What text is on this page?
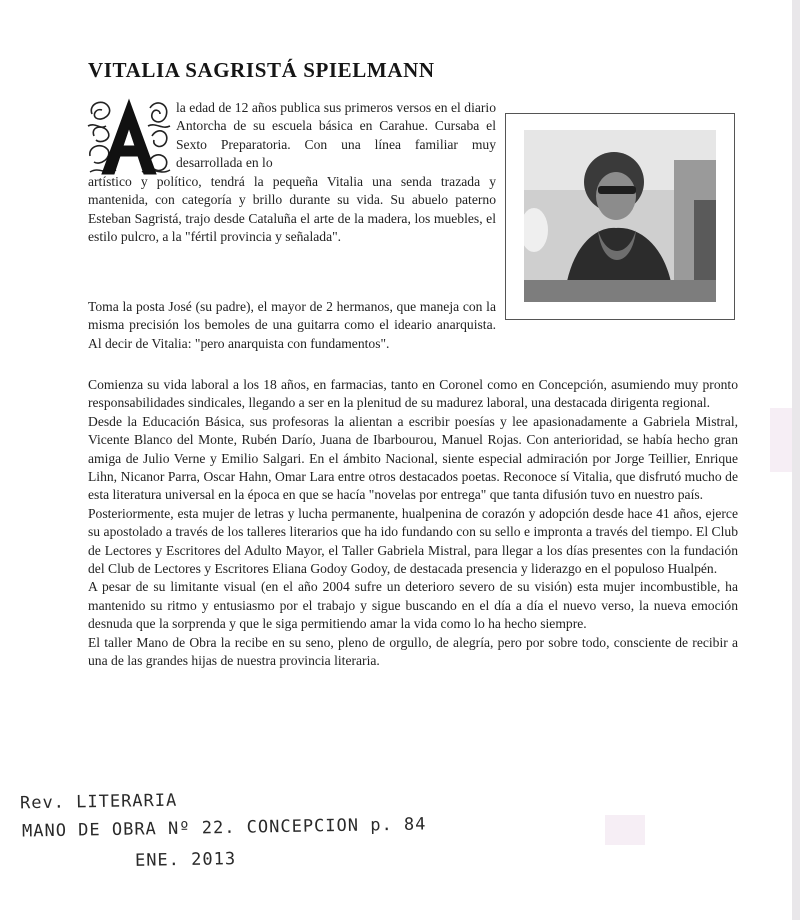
VITALIA SAGRISTÁ SPIELMANN
A

la edad de 12 años publica sus primeros versos en el diario Antorcha de su escuela básica en Carahue. Cursaba el Sexto Preparatoria. Con una línea familiar muy desarrollada en lo

artístico y político, tendrá la pequeña Vitalia una senda trazada y mantenida, con categoría y brillo durante su vida. Su abuelo paterno Esteban Sagristá, trajo desde Cataluña el arte de la madera, los muebles, el estilo pulcro, a la "fértil provincia y señalada".

Toma la posta José (su padre), el mayor de 2 hermanos, que maneja con la misma precisión los bemoles de una guitarra como el ideario anarquista. Al decir de Vitalia: "pero anarquista con fundamentos".

Comienza su vida laboral a los 18 años, en farmacias, tanto en Coronel como en Concepción, asumiendo muy pronto responsabilidades sindicales, llegando a ser en la plenitud de su madurez laboral, una destacada dirigenta regional.
Desde la Educación Básica, sus profesoras la alientan a escribir poesías y lee apasionadamente a Gabriela Mistral, Vicente Blanco del Monte, Rubén Darío, Juana de Ibarbourou, Manuel Rojas. Con anterioridad, se había hecho gran amiga de Julio Verne y Emilio Salgari. En el ámbito Nacional, siente especial admiración por Jorge Teillier, Enrique Lihn, Nicanor Parra, Oscar Hahn, Omar Lara entre otros destacados poetas. Reconoce sí Vitalia, que disfrutó mucho de esta literatura universal en la época en que se hacía "novelas por entrega" que tanta difusión tuvo en nuestro país.
Posteriormente, esta mujer de letras y lucha permanente, hualpenina de corazón y adopción desde hace 41 años, ejerce su apostolado a través de los talleres literarios que ha ido fundando con su sello e impronta a través del tiempo. El Club de Lectores y Escritores del Adulto Mayor, el Taller Gabriela Mistral, para llegar a los días presentes con la fundación del Club de Lectores y Escritores Eliana Godoy Godoy, de destacada presencia y liderazgo en el populoso Hualpén.
A pesar de su limitante visual (en el año 2004 sufre un deterioro severo de su visión) esta mujer incombustible, ha mantenido su ritmo y entusiasmo por el trabajo y sigue buscando en el día a día el nuevo verso, la nueva emoción desnuda que la sorprenda y que le siga permitiendo amar la vida como lo ha hecho siempre.
El taller Mano de Obra la recibe en su seno, pleno de orgullo, de alegría, pero por sobre todo, consciente de recibir a una de las grandes hijas de nuestra provincia literaria.
Rev. LITERARIA
MANO DE OBRA Nº 22. CONCEPCION p. 84
ENE. 2013
